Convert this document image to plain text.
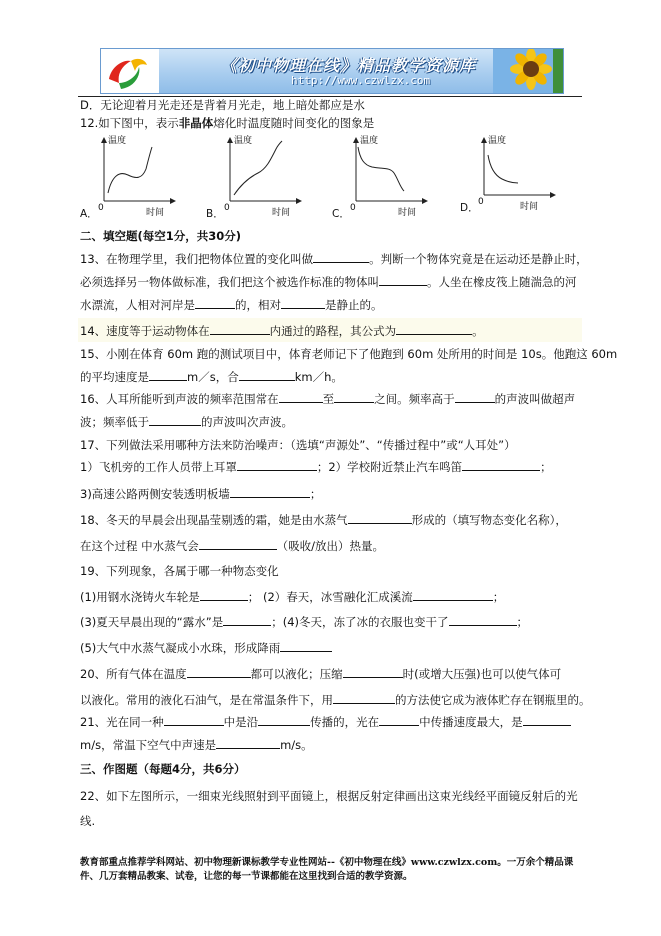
《初中物理在线》精品教学资源库
http://www.czwlzx.com
D．无论迎着月光走还是背着月光走，地上暗处都应是水
12.如下图中，表示非晶体熔化时温度随时间变化的图象是
A．
温度
0	时间	B．
温度
0	时间	C．
温度
0	时间	D．
温度
0	时间
二、填空题(每空1分，共30分)
13、在物理学里，我们把物体位置的变化叫做	。判断一个物体究竟是在运动还是静止时，
必须选择另一物体做标准，我们把这个被选作标准的物体叫	。人坐在橡皮筏上随湍急的河
水漂流，人相对河岸是	的，相对	是静止的。
14、速度等于运动物体在	内通过的路程，其公式为	。
15、小刚在体育 60m 跑的测试项目中，体育老师记下了他跑到 60m 处所用的时间是 10s。他跑这 60m
的平均速度是	m／s，合	km／h。
16、人耳所能听到声波的频率范围常在	至	之间。频率高于	的声波叫做超声
波；频率低于	的声波叫次声波。
17、下列做法采用哪种方法来防治噪声：（选填“声源处”、“传播过程中”或“人耳处”）
1）飞机旁的工作人员带上耳罩	；2）学校附近禁止汽车鸣笛	；
3)高速公路两侧安装透明板墙	；
18、冬天的早晨会出现晶莹剔透的霜，她是由水蒸气	形成的（填写物态变化名称），
在这个过程 中水蒸气会	（吸收/放出）热量。
19、下列现象，各属于哪一种物态变化
(1)用钢水浇铸火车轮是	； (2）春天，冰雪融化汇成溪流	；
(3)夏天早晨出现的“露水”是	；(4)冬天，冻了冰的衣服也变干了	；
(5)大气中水蒸气凝成小水珠，形成降雨
20、所有气体在温度	都可以液化；压缩	时(或增大压强)也可以使气体可
以液化。常用的液化石油气，是在常温条件下，用	的方法使它成为液体贮存在钢瓶里的。
21、光在同一种	中是沿	传播的，光在	中传播速度最大，是
m/s，常温下空气中声速是	m/s。
三、作图题（每题4分，共6分）
22、如下左图所示，一细束光线照射到平面镜上，根据反射定律画出这束光线经平面镜反射后的光
线.
教育部重点推荐学科网站、初中物理新课标教学专业性网站--《初中物理在线》www.czwlzx.com。一万余个精品课
件、几万套精品教案、试卷，让您的每一节课都能在这里找到合适的教学资源。
